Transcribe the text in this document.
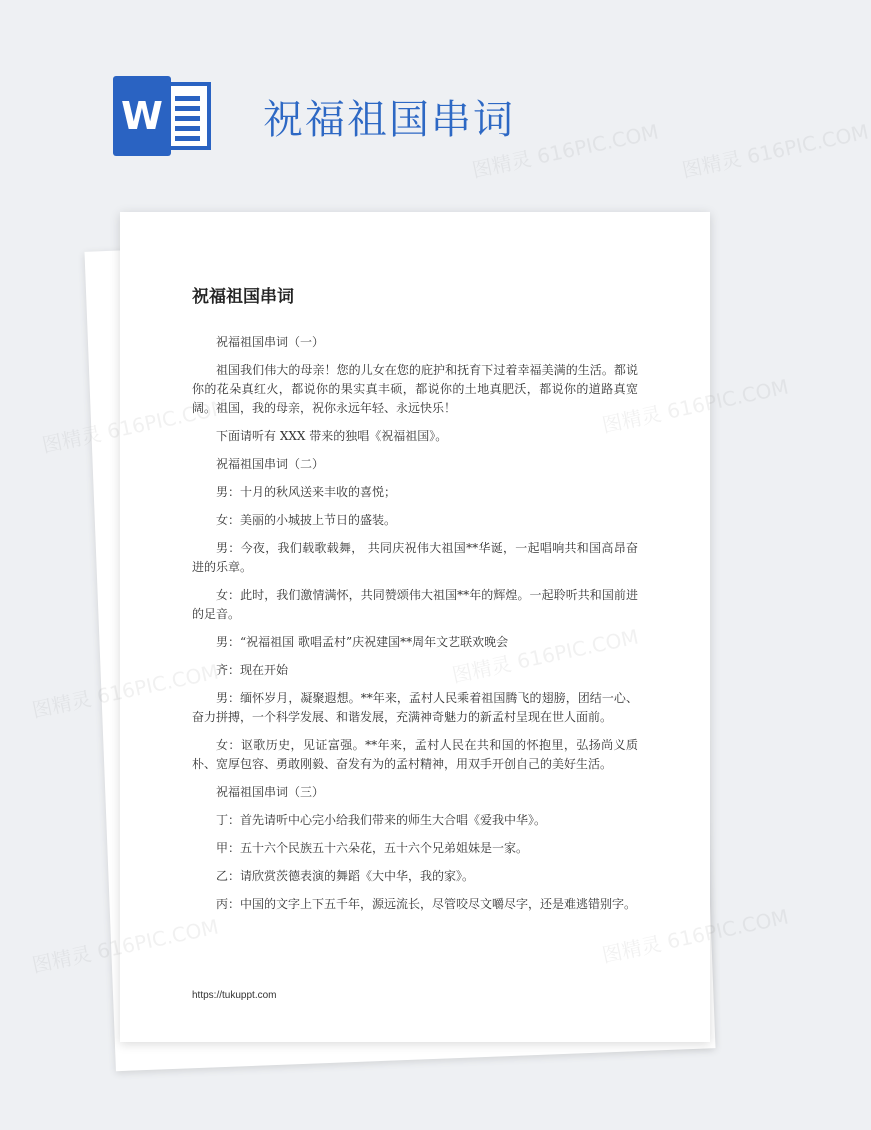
W	祝福祖国串词
祝福祖国串词

祝福祖国串词（一）

祖国我们伟大的母亲！您的儿女在您的庇护和抚育下过着幸福美满的生活。都说你的花朵真红火，都说你的果实真丰硕，都说你的土地真肥沃，都说你的道路真宽阔。祖国，我的母亲，祝你永远年轻、永远快乐！

下面请听有 XXX 带来的独唱《祝福祖国》。

祝福祖国串词（二）

男：十月的秋风送来丰收的喜悦；

女：美丽的小城披上节日的盛装。

男：今夜，我们载歌载舞， 共同庆祝伟大祖国**华诞，一起唱响共和国高昂奋进的乐章。

女：此时，我们激情满怀，共同赞颂伟大祖国**年的辉煌。一起聆听共和国前进的足音。

男：“祝福祖国 歌唱孟村”庆祝建国**周年文艺联欢晚会

齐：现在开始

男：缅怀岁月，凝聚遐想。**年来，孟村人民乘着祖国腾飞的翅膀，团结一心、奋力拼搏，一个科学发展、和谐发展，充满神奇魅力的新孟村呈现在世人面前。

女：讴歌历史，见证富强。**年来，孟村人民在共和国的怀抱里，弘扬尚义质朴、宽厚包容、勇敢刚毅、奋发有为的孟村精神，用双手开创自己的美好生活。

祝福祖国串词（三）

丁：首先请听中心完小给我们带来的师生大合唱《爱我中华》。

甲：五十六个民族五十六朵花，五十六个兄弟姐妹是一家。

乙：请欣赏茨德表演的舞蹈《大中华，我的家》。

丙：中国的文字上下五千年，源远流长，尽管咬尽文嚼尽字，还是难逃错别字。

https://tukuppt.com
图精灵 616PIC.COM 图精灵 616PIC.COM
图精灵
616PIC.COM
图精灵
616PIC.COM
图精灵
